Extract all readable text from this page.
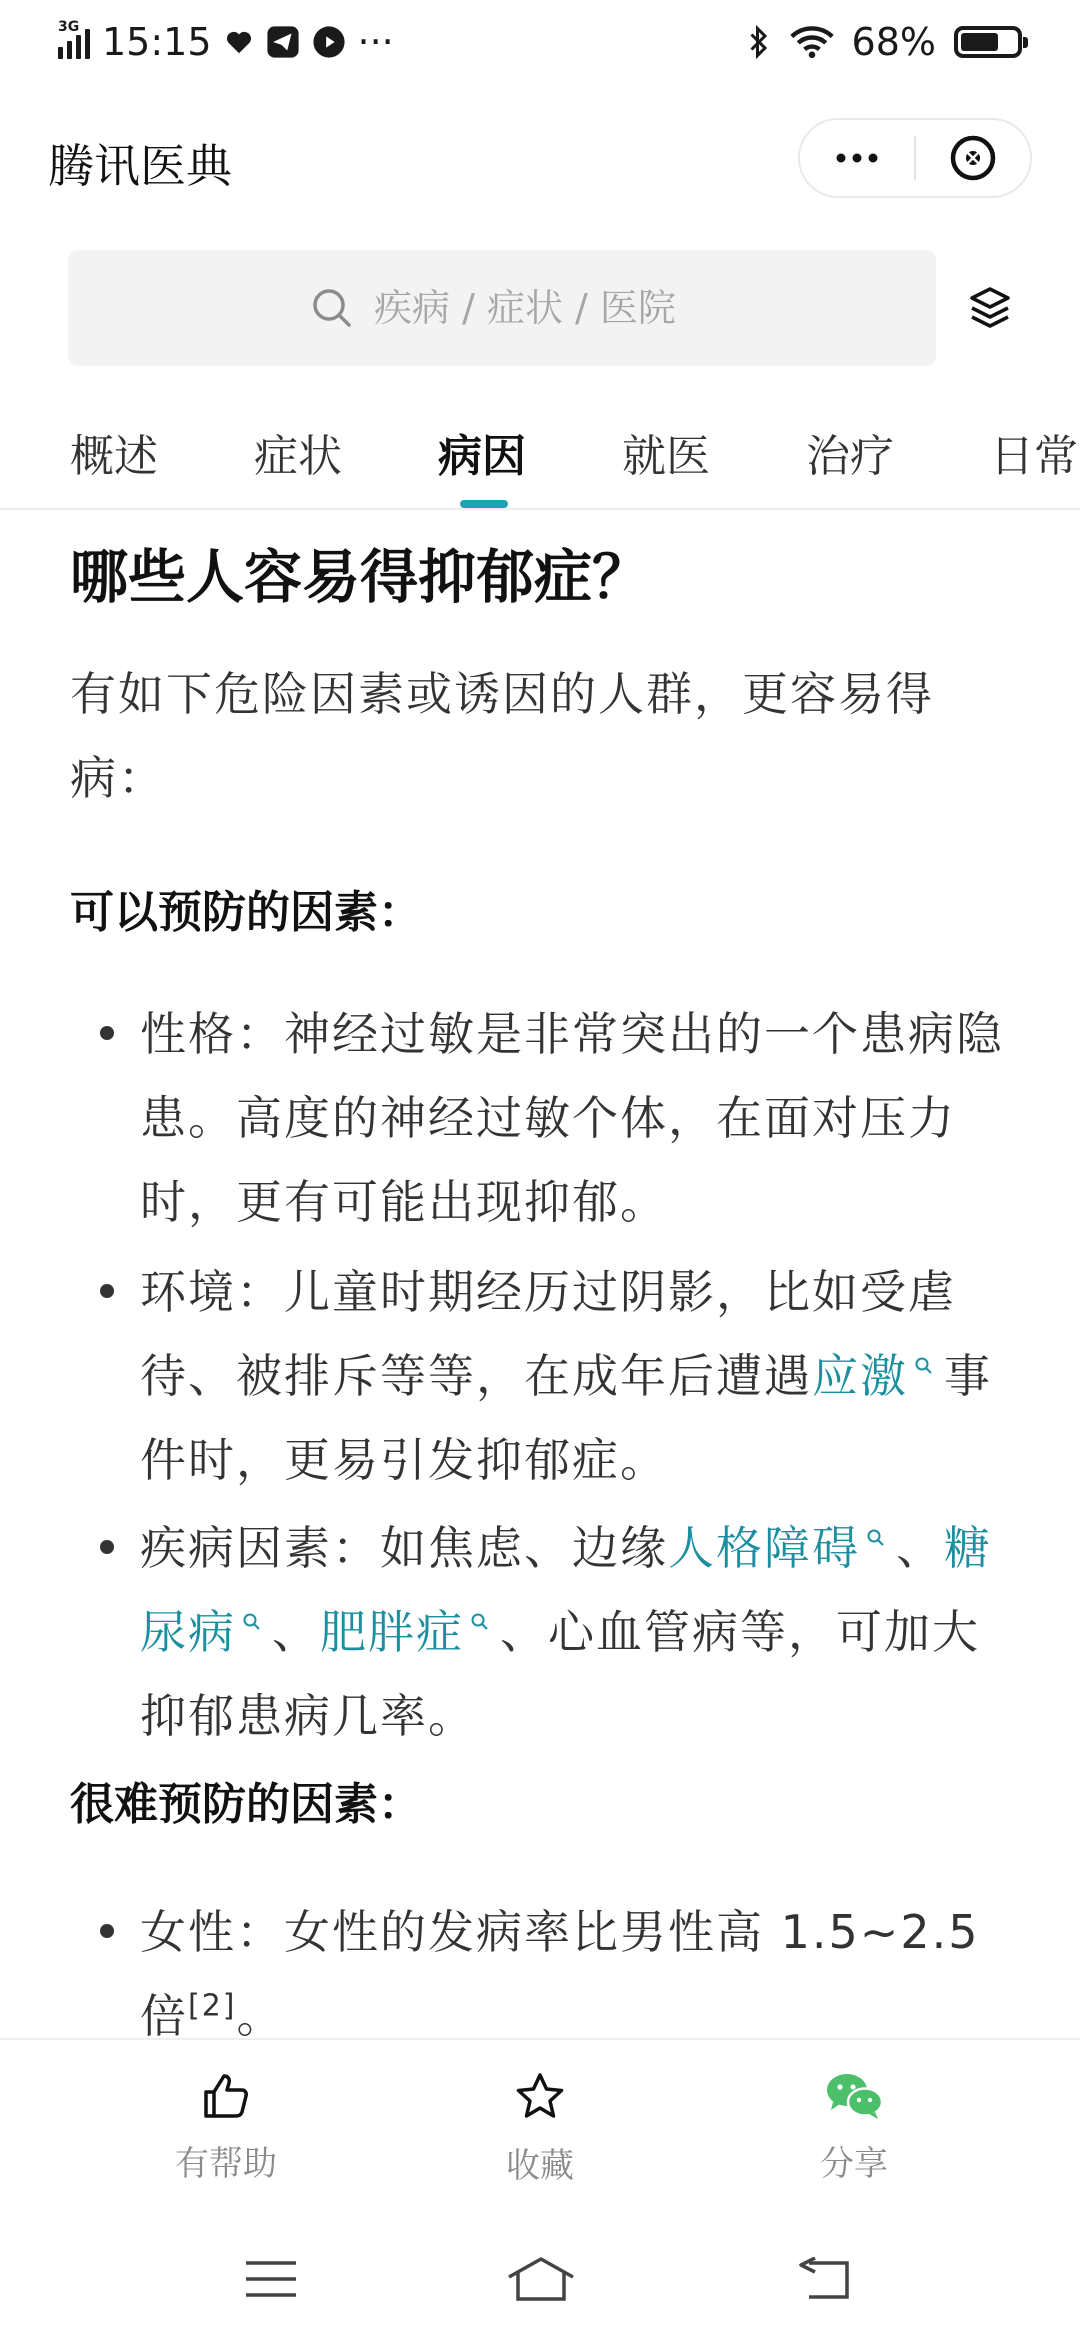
3G 15:15	···	68%
腾讯医典
疾病 / 症状 / 医院
概述 症状 病因 就医 治疗 日常
哪些人容易得抑郁症？
有如下危险因素或诱因的人群，更容易得病：
可以预防的因素：
性格：神经过敏是非常突出的一个患病隐患。高度的神经过敏个体，在面对压力时，更有可能出现抑郁。
环境：儿童时期经历过阴影，比如受虐待、被排斥等等，在成年后遭遇应激 事件时，更易引发抑郁症。
疾病因素：如焦虑、边缘人格障碍 、糖尿病 、肥胖症 、心血管病等，可加大抑郁患病几率。
很难预防的因素：
女性：女性的发病率比男性高 1.5~2.5倍[2]。
有帮助	收藏	分享
